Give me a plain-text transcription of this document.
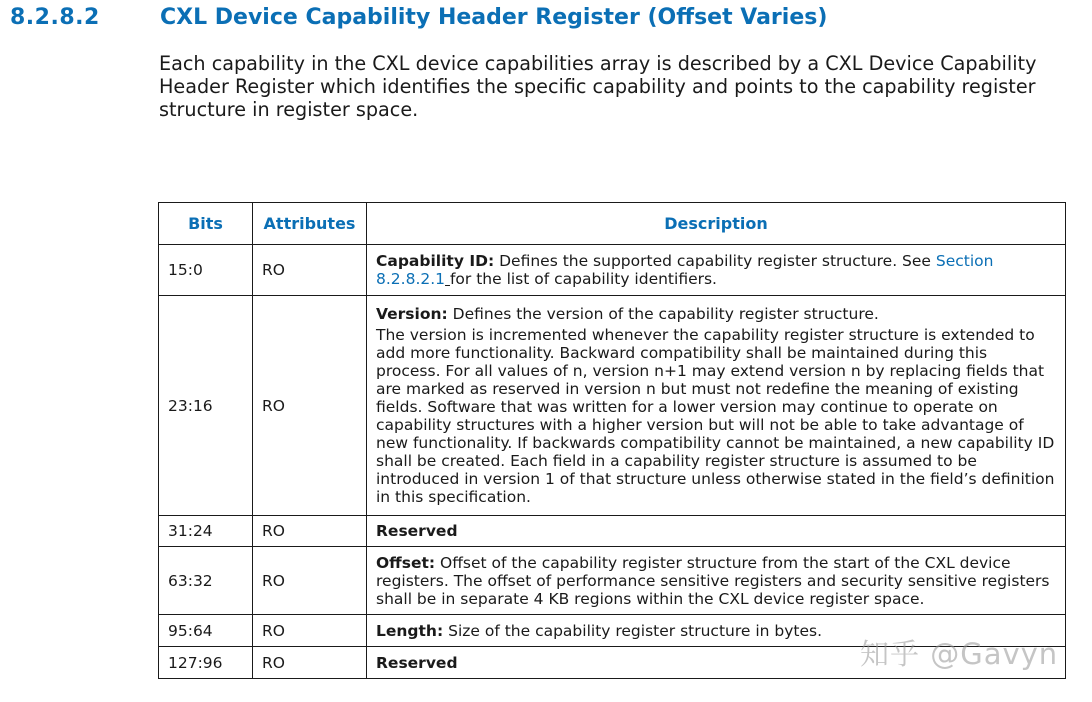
8.2.8.2	CXL Device Capability Header Register (Offset Varies)

Each capability in the CXL device capabilities array is described by a CXL Device Capability Header Register which identifies the specific capability and points to the capability register structure in register space.

Bits	Attributes	Description
15:0	RO	Capability ID: Defines the supported capability register structure. See Section 8.2.8.2.1 for the list of capability identifiers.

23:16	RO	Version: Defines the version of the capability register structure.

The version is incremented whenever the capability register structure is extended to add more functionality. Backward compatibility shall be maintained during this process. For all values of n, version n+1 may extend version n by replacing fields that are marked as reserved in version n but must not redefine the meaning of existing fields. Software that was written for a lower version may continue to operate on capability structures with a higher version but will not be able to take advantage of new functionality. If backwards compatibility cannot be maintained, a new capability ID shall be created. Each field in a capability register structure is assumed to be introduced in version 1 of that structure unless otherwise stated in the field’s definition in this specification.

31:24	RO	Reserved

63:32	RO	Offset: Offset of the capability register structure from the start of the CXL device registers. The offset of performance sensitive registers and security sensitive registers shall be in separate 4 KB regions within the CXL device register space.

95:64	RO	Length: Size of the capability register structure in bytes.

127:96	RO	Reserved	知乎 @Gavyn
